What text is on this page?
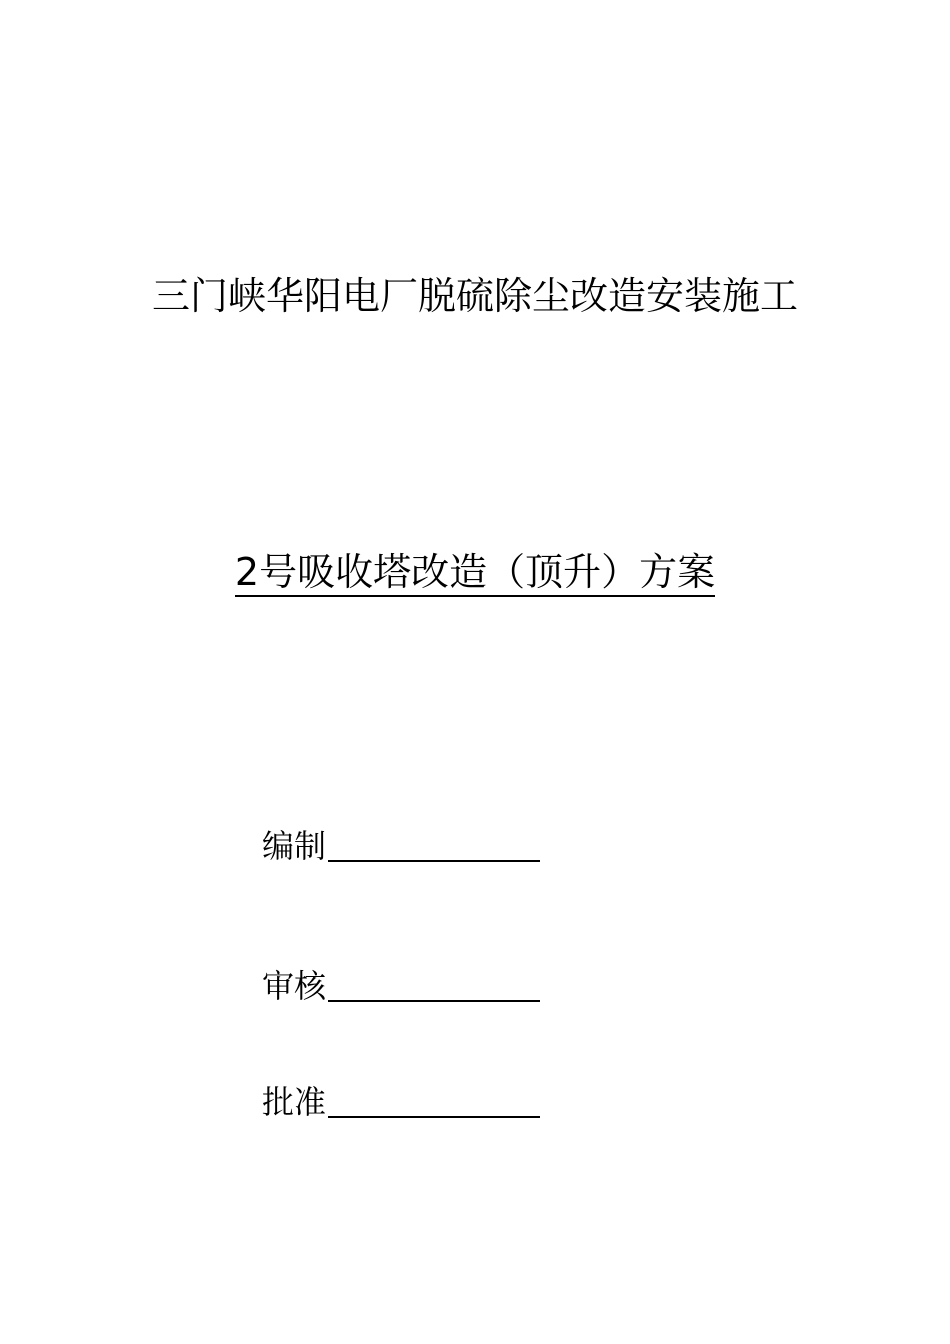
三门峡华阳电厂脱硫除尘改造安装施工
2号吸收塔改造（顶升）方案
编制
审核
批准
